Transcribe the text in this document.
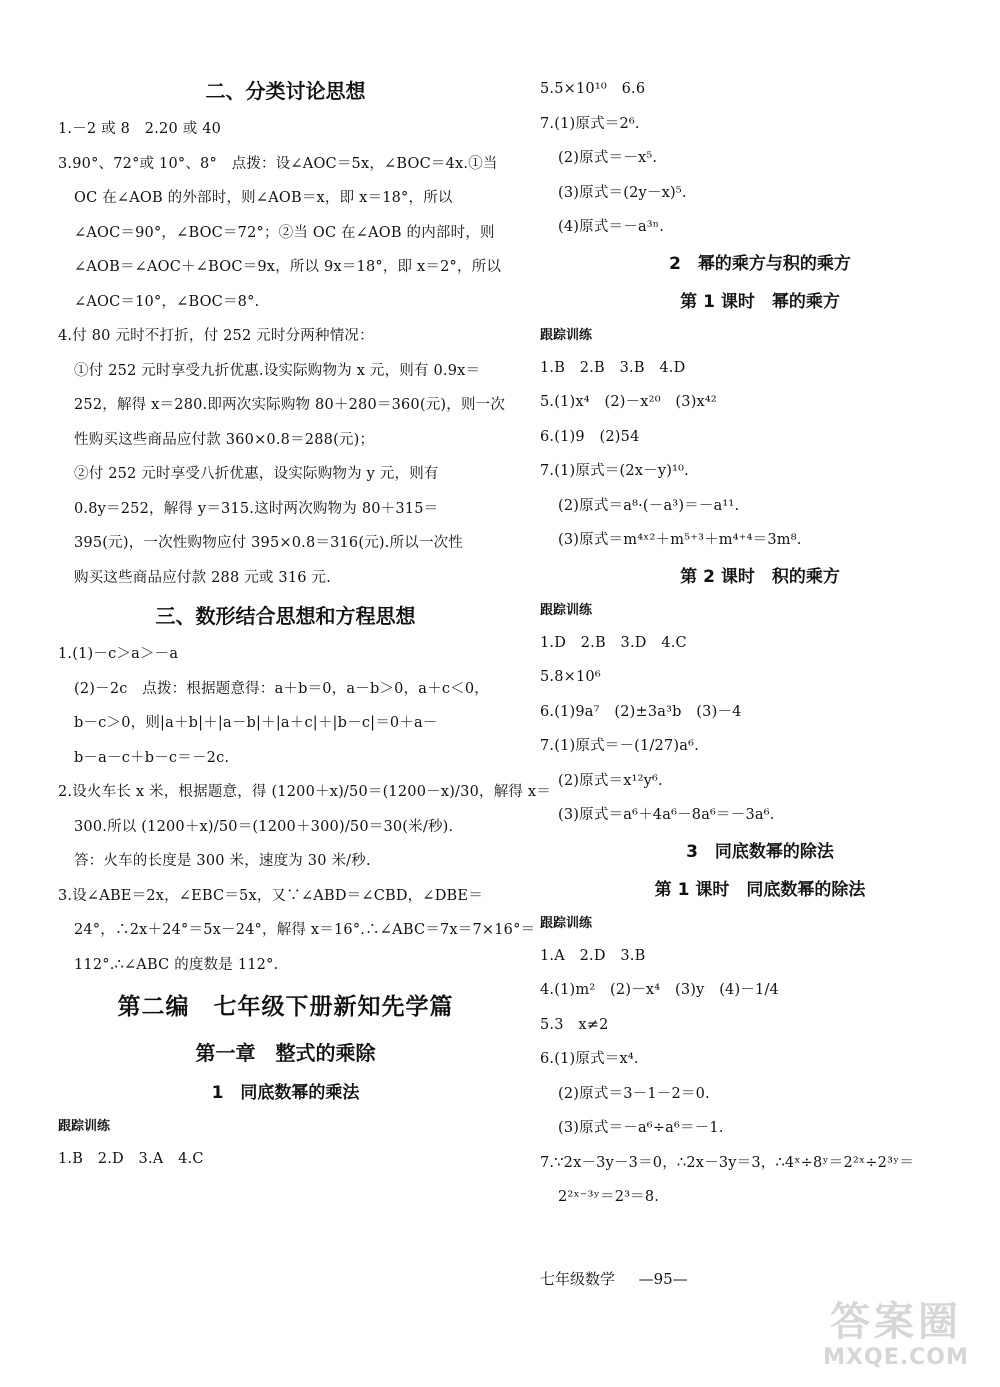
二、分类讨论思想
1.－2 或 8　2.20 或 40
3.90°、72°或 10°、8°　点拨：设∠AOC＝5x，∠BOC＝4x.①当
OC 在∠AOB 的外部时，则∠AOB＝x，即 x＝18°，所以
∠AOC＝90°，∠BOC＝72°；②当 OC 在∠AOB 的内部时，则
∠AOB＝∠AOC＋∠BOC＝9x，所以 9x＝18°，即 x＝2°，所以
∠AOC＝10°，∠BOC＝8°.
4.付 80 元时不打折，付 252 元时分两种情况：
①付 252 元时享受九折优惠.设实际购物为 x 元，则有 0.9x＝
252，解得 x＝280.即两次实际购物 80＋280＝360(元)，则一次
性购买这些商品应付款 360×0.8＝288(元)；
②付 252 元时享受八折优惠，设实际购物为 y 元，则有
0.8y＝252，解得 y＝315.这时两次购物为 80＋315＝
395(元)，一次性购物应付 395×0.8＝316(元).所以一次性
购买这些商品应付款 288 元或 316 元.
三、数形结合思想和方程思想
1.(1)－c＞a＞－a
(2)－2c　点拨：根据题意得：a＋b＝0，a－b＞0，a＋c＜0，
b－c＞0，则|a＋b|＋|a－b|＋|a＋c|＋|b－c|＝0＋a－
b－a－c＋b－c＝－2c.
2.设火车长 x 米，根据题意，得 (1200＋x)/50＝(1200－x)/30，解得 x＝
300.所以 (1200＋x)/50＝(1200＋300)/50＝30(米/秒).
答：火车的长度是 300 米，速度为 30 米/秒.
3.设∠ABE＝2x，∠EBC＝5x，又∵∠ABD＝∠CBD，∠DBE＝
24°，∴2x＋24°＝5x－24°，解得 x＝16°.∴∠ABC＝7x＝7×16°＝
112°.∴∠ABC 的度数是 112°.
第二编　七年级下册新知先学篇
第一章　整式的乘除
1　同底数幂的乘法
跟踪训练
1.B　2.D　3.A　4.C
5.5×10¹⁰　6.6
7.(1)原式＝2⁶.
(2)原式＝－x⁵.
(3)原式＝(2y－x)⁵.
(4)原式＝－a³ⁿ.
2　幂的乘方与积的乘方
第 1 课时　幂的乘方
跟踪训练
1.B　2.B　3.B　4.D
5.(1)x⁴　(2)－x²⁰　(3)x⁴²
6.(1)9　(2)54
7.(1)原式＝(2x－y)¹⁰.
(2)原式＝a⁸·(－a³)＝－a¹¹.
(3)原式＝m⁴ˣ²＋m⁵⁺³＋m⁴⁺⁴＝3m⁸.
第 2 课时　积的乘方
跟踪训练
1.D　2.B　3.D　4.C
5.8×10⁶
6.(1)9a⁷　(2)±3a³b　(3)－4
7.(1)原式＝－(1/27)a⁶.
(2)原式＝x¹²y⁶.
(3)原式＝a⁶＋4a⁶－8a⁶＝－3a⁶.
3　同底数幂的除法
第 1 课时　同底数幂的除法
跟踪训练
1.A　2.D　3.B
4.(1)m²　(2)－x⁴　(3)y　(4)－1/4
5.3　x≠2
6.(1)原式＝x⁴.
(2)原式＝3－1－2＝0.
(3)原式＝－a⁶÷a⁶＝－1.
7.∵2x－3y－3＝0，∴2x－3y＝3，∴4ˣ÷8ʸ＝2²ˣ÷2³ʸ＝
2²ˣ⁻³ʸ＝2³＝8.
七年级数学 —95—
答案圈
MXQE.COM
